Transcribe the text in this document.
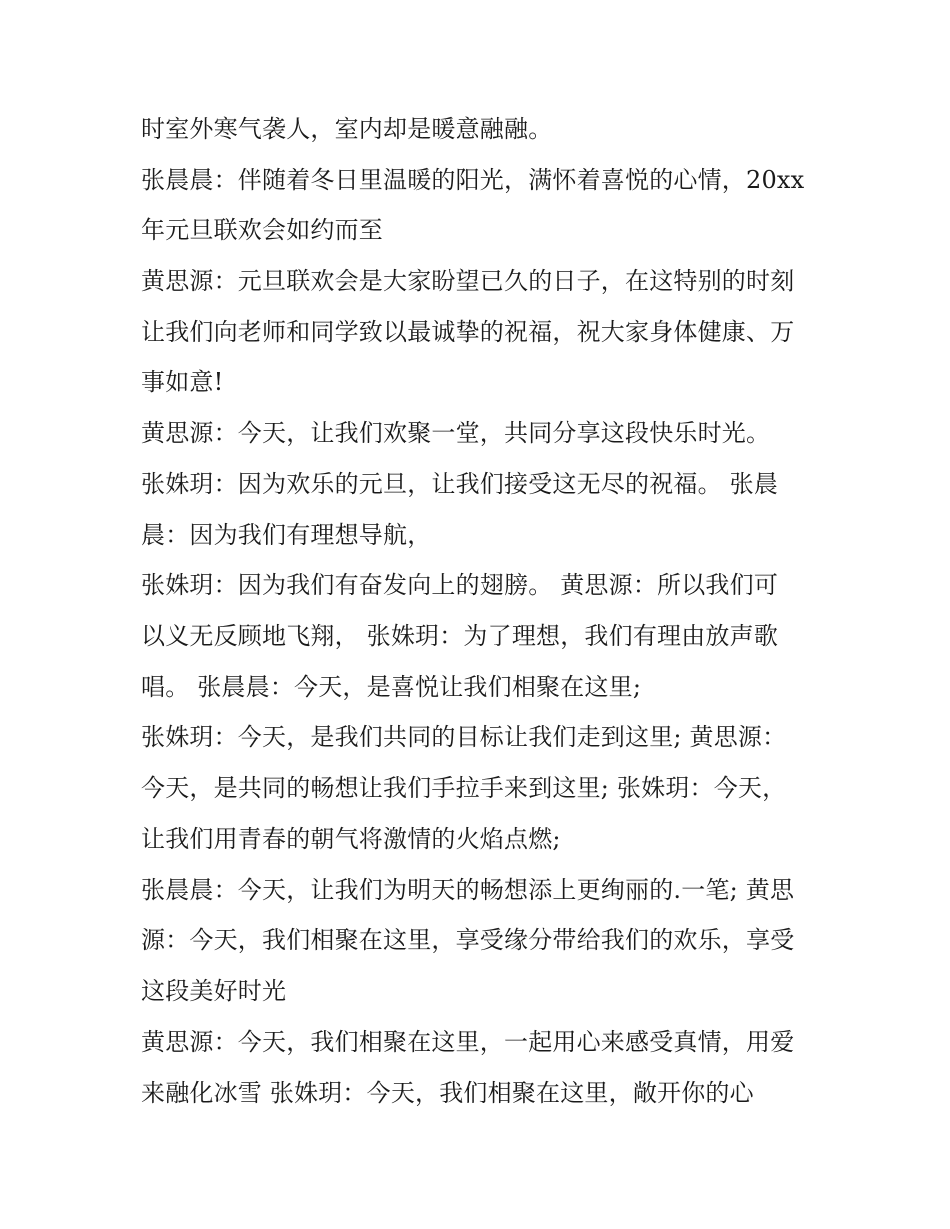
时室外寒气袭人，室内却是暖意融融。
张晨晨：伴随着冬日里温暖的阳光，满怀着喜悦的心情，20xx
年元旦联欢会如约而至
黄思源：元旦联欢会是大家盼望已久的日子，在这特别的时刻
让我们向老师和同学致以最诚挚的祝福，祝大家身体健康、万
事如意!
黄思源：今天，让我们欢聚一堂，共同分享这段快乐时光。
张姝玥：因为欢乐的元旦，让我们接受这无尽的祝福。 张晨
晨：因为我们有理想导航，
张姝玥：因为我们有奋发向上的翅膀。 黄思源：所以我们可
以义无反顾地飞翔， 张姝玥：为了理想，我们有理由放声歌
唱。 张晨晨：今天，是喜悦让我们相聚在这里;
张姝玥：今天，是我们共同的目标让我们走到这里; 黄思源：
今天，是共同的畅想让我们手拉手来到这里; 张姝玥：今天，
让我们用青春的朝气将激情的火焰点燃;
张晨晨：今天，让我们为明天的畅想添上更绚丽的.一笔; 黄思
源：今天，我们相聚在这里，享受缘分带给我们的欢乐，享受
这段美好时光
黄思源：今天，我们相聚在这里，一起用心来感受真情，用爱
来融化冰雪 张姝玥：今天，我们相聚在这里，敞开你的心
